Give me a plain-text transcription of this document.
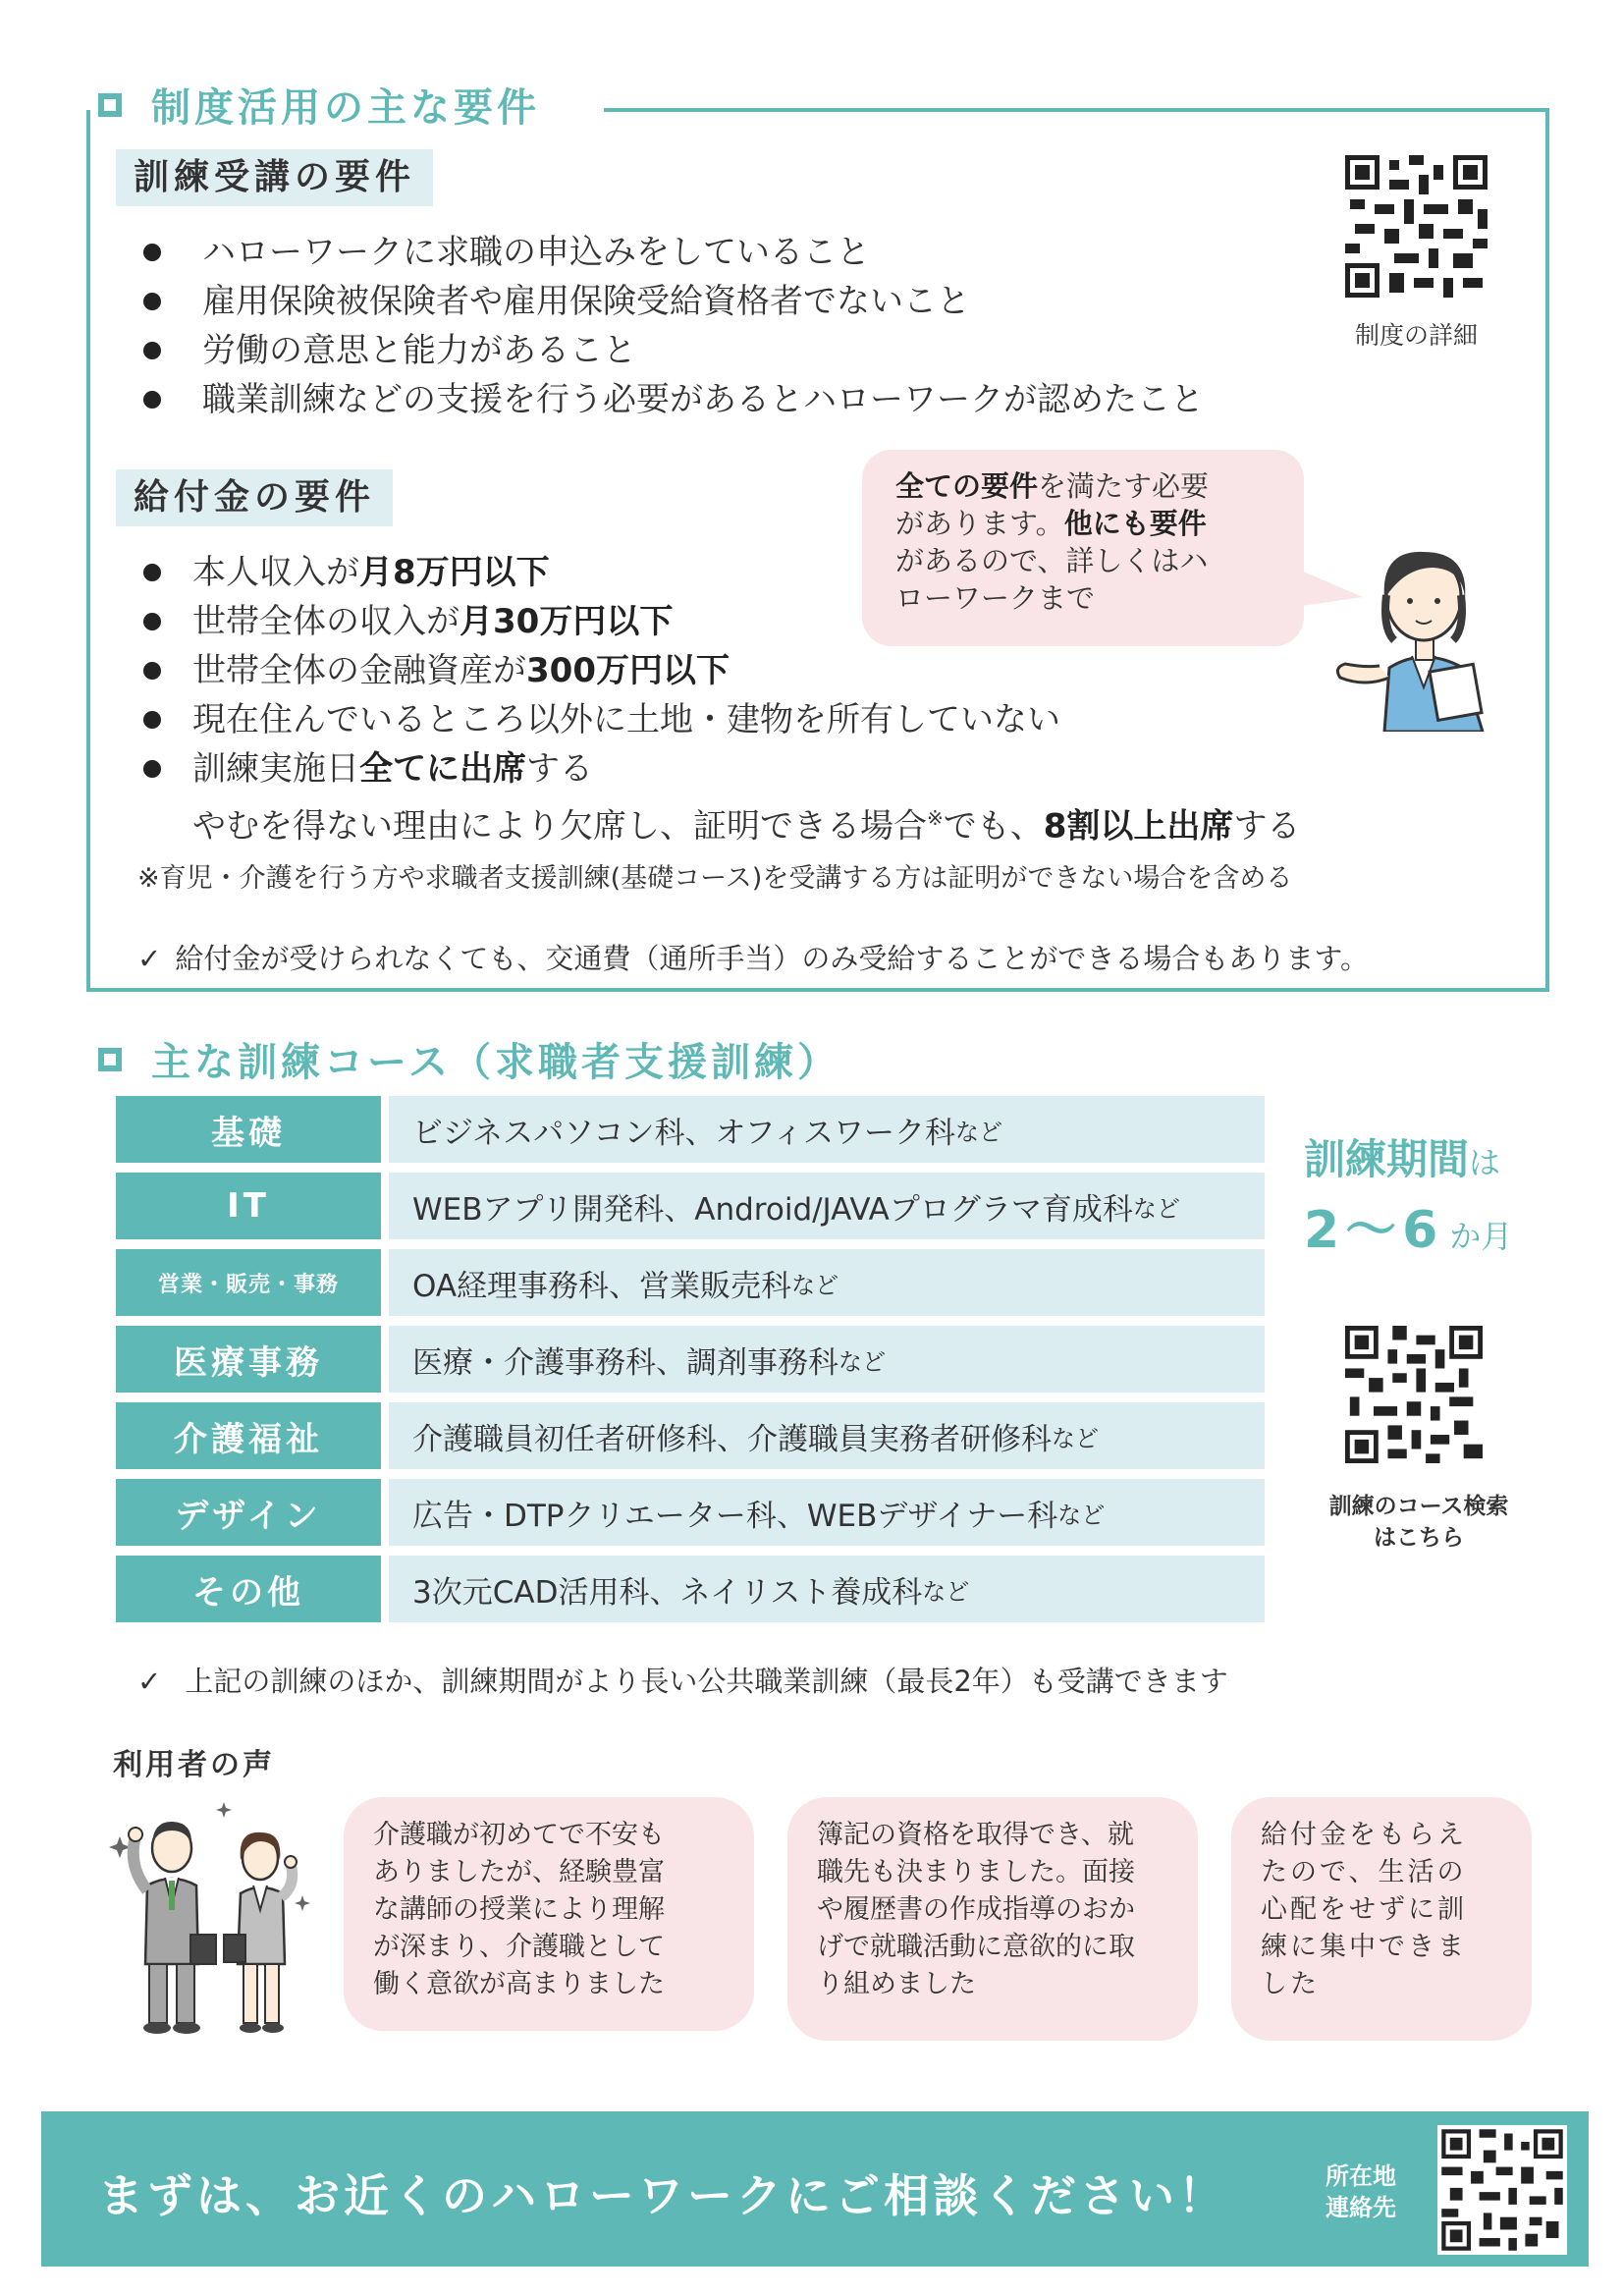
制度活用の主な要件
訓練受講の要件
ハローワークに求職の申込みをしていること
雇用保険被保険者や雇用保険受給資格者でないこと
労働の意思と能力があること
職業訓練などの支援を行う必要があるとハローワークが認めたこと
制度の詳細
給付金の要件
本人収入が月8万円以下
世帯全体の収入が月30万円以下
世帯全体の金融資産が300万円以下
現在住んでいるところ以外に土地・建物を所有していない
訓練実施日全てに出席する
やむを得ない理由により欠席し、証明できる場合※でも、8割以上出席する
※育児・介護を行う方や求職者支援訓練(基礎コース)を受講する方は証明ができない場合を含める
✓ 給付金が受けられなくても、交通費（通所手当）のみ受給することができる場合もあります。
全ての要件を満たす必要
があります。他にも要件
があるので、詳しくはハ
ローワークまで
主な訓練コース（求職者支援訓練）
基礎	ビジネスパソコン科、オフィスワーク科 など
IT	WEBアプリ開発科、Android/JAVAプログラマ育成科 など
営業・販売・事務	OA経理事務科、営業販売科 など
医療事務	医療・介護事務科、調剤事務科 など
介護福祉	介護職員初任者研修科、介護職員実務者研修科 など
デザイン	広告・DTPクリエーター科、WEBデザイナー科 など
その他	3次元CAD活用科、ネイリスト養成科 など
訓練期間は
2～6 か月
訓練のコース検索
はこちら
✓ 上記の訓練のほか、訓練期間がより長い公共職業訓練（最長2年）も受講できます
利用者の声
介護職が初めてで不安も
ありましたが、経験豊富
な講師の授業により理解
が深まり、介護職として
働く意欲が高まりました
簿記の資格を取得でき、就
職先も決まりました。面接
や履歴書の作成指導のおか
げで就職活動に意欲的に取
り組めました
給付金をもらえ
たので、生活の
心配をせずに訓
練に集中できま
した
まずは、お近くのハローワークにご相談ください！	所在地
連絡先
